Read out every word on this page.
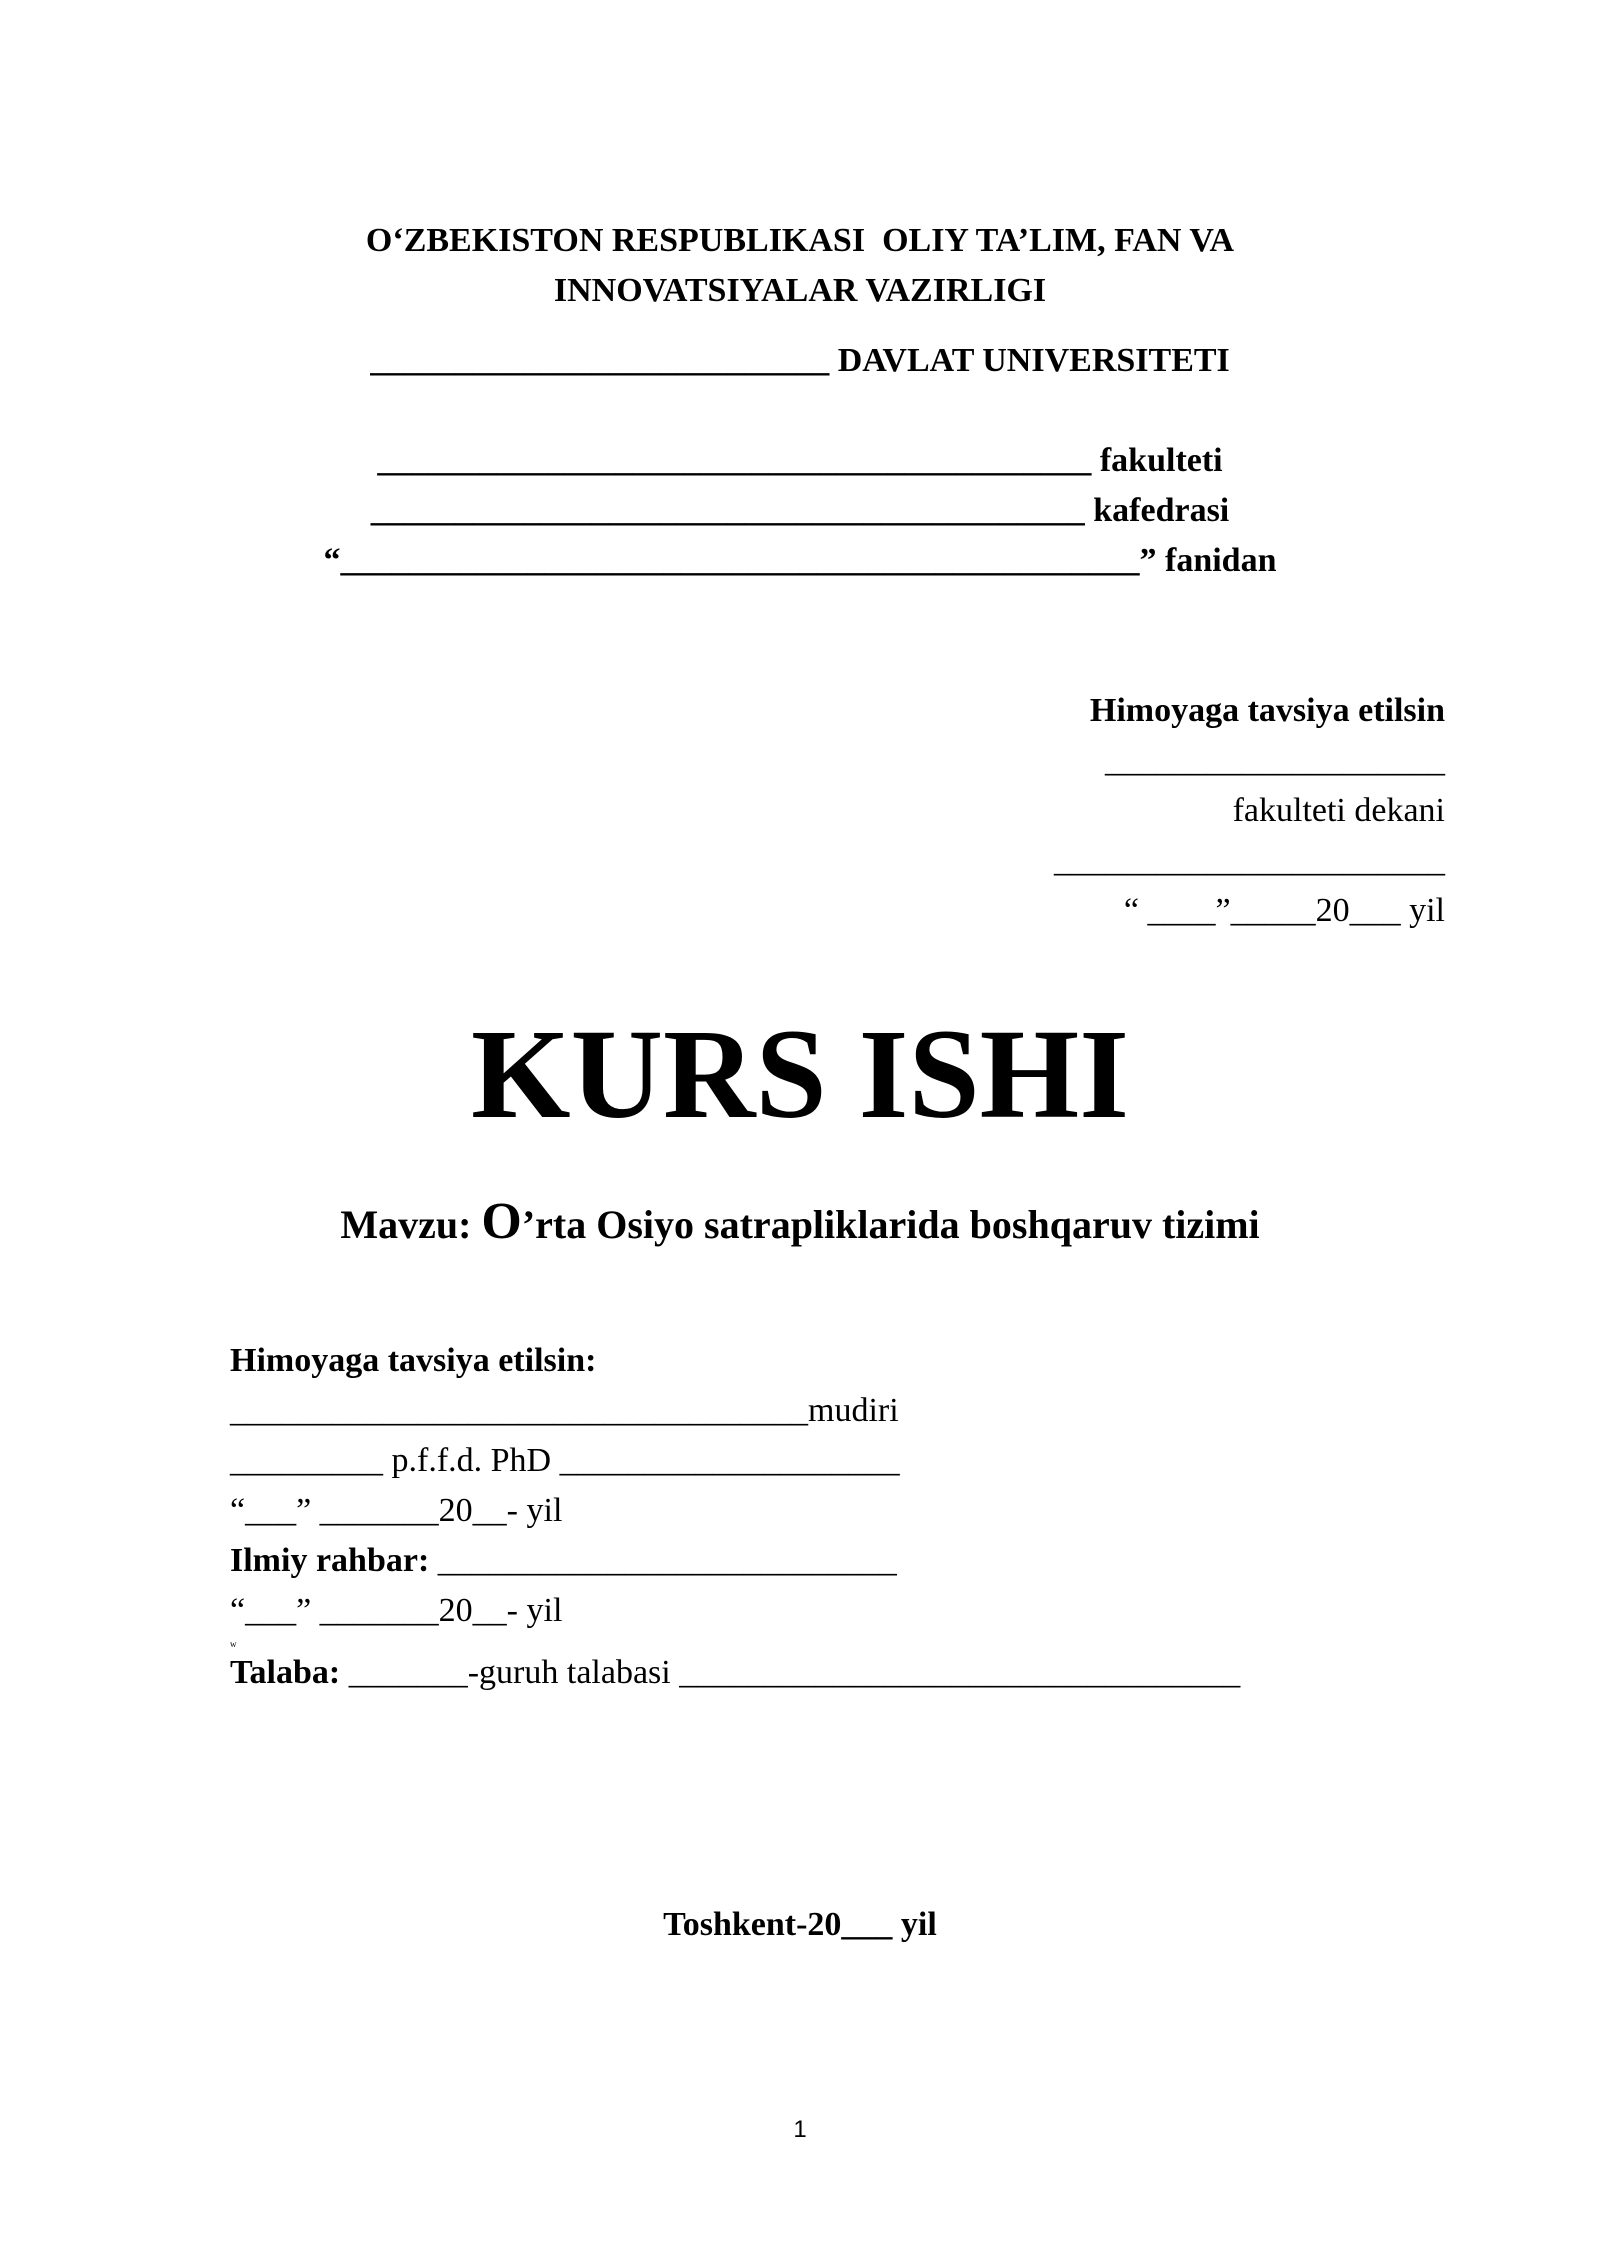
O‘ZBEKISTON RESPUBLIKASI  OLIY TA’LIM, FAN VA
INNOVATSIYALAR VAZIRLIGI
___________________________ DAVLAT UNIVERSITETI
__________________________________________ fakulteti
__________________________________________ kafedrasi
“_______________________________________________” fanidan
Himoyaga tavsiya etilsin
____________________
fakulteti dekani
_______________________
“ ____”_____20___ yil
KURS ISHI
Mavzu: O’rta Osiyo satrapliklarida boshqaruv tizimi
Himoyaga tavsiya etilsin:
__________________________________mudiri
_________ p.f.f.d. PhD ____________________
“___” _______20__- yil
Ilmiy rahbar: ___________________________
“___” _______20__- yil
w
Talaba: _______-guruh talabasi _________________________________
Toshkent-20___ yil
1
